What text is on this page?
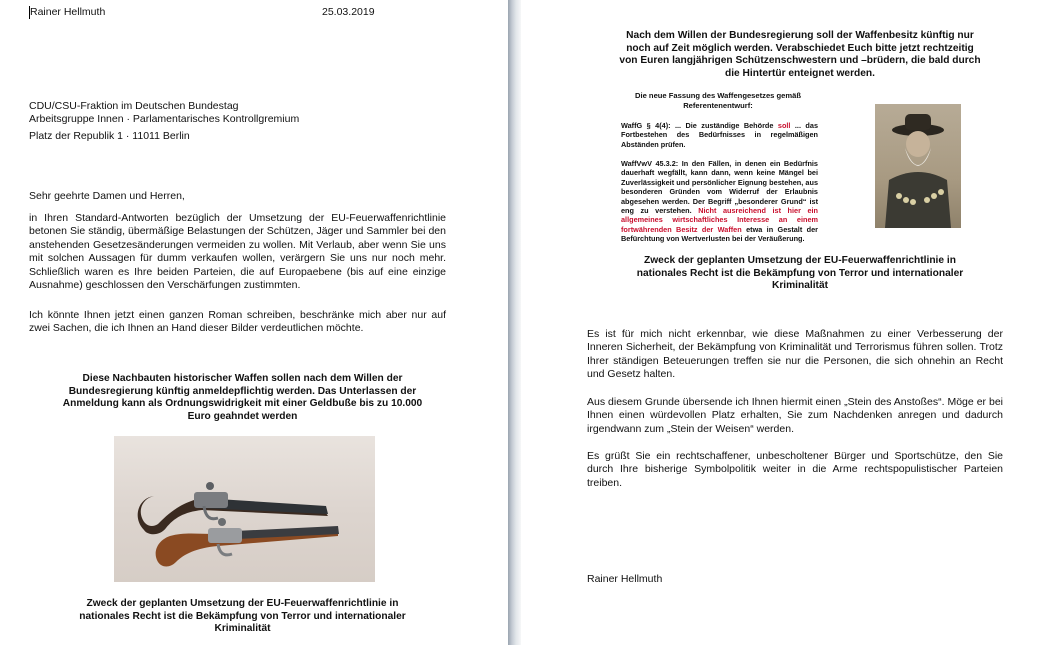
Rainer Hellmuth	25.03.2019
CDU/CSU-Fraktion im Deutschen Bundestag
Arbeitsgruppe Innen · Parlamentarisches Kontrollgremium
Platz der Republik 1 · 11011 Berlin
Sehr geehrte Damen und Herren,
in Ihren Standard-Antworten bezüglich der Umsetzung der EU-Feuerwaffenrichtlinie betonen Sie ständig, übermäßige Belastungen der Schützen, Jäger und Sammler bei den anstehenden Gesetzesänderungen vermeiden zu wollen. Mit Verlaub, aber wenn Sie uns mit solchen Aussagen für dumm verkaufen wollen, verärgern Sie uns nur noch mehr. Schließlich waren es Ihre beiden Parteien, die auf Europaebene (bis auf eine einzige Ausnahme) geschlossen den Verschärfungen zustimmten.
Ich könnte Ihnen jetzt einen ganzen Roman schreiben, beschränke mich aber nur auf zwei Sachen, die ich Ihnen an Hand dieser Bilder verdeutlichen möchte.
Diese Nachbauten historischer Waffen sollen nach dem Willen der Bundesregierung künftig anmeldepflichtig werden. Das Unterlassen der Anmeldung kann als Ordnungswidrigkeit mit einer Geldbuße bis zu 10.000 Euro geahndet werden
Zweck der geplanten Umsetzung der EU-Feuerwaffenrichtlinie in nationales Recht ist die Bekämpfung von Terror und internationaler Kriminalität
Nach dem Willen der Bundesregierung soll der Waffenbesitz künftig nur noch auf Zeit möglich werden. Verabschiedet Euch bitte jetzt rechtzeitig von Euren langjährigen Schützenschwestern und –brüdern, die bald durch die Hintertür enteignet werden.
Die neue Fassung des Waffengesetzes gemäß Referentenentwurf:
WaffG § 4(4): ... Die zuständige Behörde soll ... das Fortbestehen des Bedürfnisses in regelmäßigen Abständen prüfen.
WaffVwV 45.3.2: In den Fällen, in denen ein Bedürfnis dauerhaft wegfällt, kann dann, wenn keine Mängel bei Zuverlässigkeit und persönlicher Eignung bestehen, aus besonderen Gründen vom Widerruf der Erlaubnis abgesehen werden. Der Begriff „besonderer Grund“ ist eng zu verstehen. Nicht ausreichend ist hier ein allgemeines wirtschaftliches Interesse an einem fortwährenden Besitz der Waffen etwa in Gestalt der Befürchtung von Wertverlusten bei der Veräußerung.
Zweck der geplanten Umsetzung der EU-Feuerwaffenrichtlinie in nationales Recht ist die Bekämpfung von Terror und internationaler Kriminalität
Es ist für mich nicht erkennbar, wie diese Maßnahmen zu einer Verbesserung der Inneren Sicherheit, der Bekämpfung von Kriminalität und Terrorismus führen sollen. Trotz Ihrer ständigen Beteuerungen treffen sie nur die Personen, die sich ohnehin an Recht und Gesetz halten.
Aus diesem Grunde übersende ich Ihnen hiermit einen „Stein des Anstoßes“. Möge er bei Ihnen einen würdevollen Platz erhalten, Sie zum Nachdenken anregen und dadurch irgendwann zum „Stein der Weisen“ werden.
Es grüßt Sie ein rechtschaffener, unbescholtener Bürger und Sportschütze, den Sie durch Ihre bisherige Symbolpolitik weiter in die Arme rechtspopulistischer Parteien treiben.
Rainer Hellmuth
